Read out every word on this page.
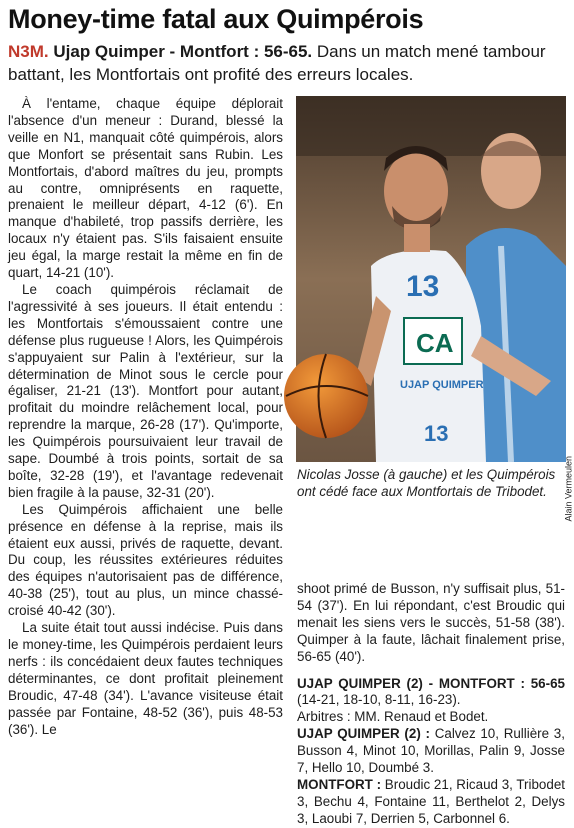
Money-time fatal aux Quimpérois
N3M. Ujap Quimper - Montfort : 56-65. Dans un match mené tambour battant, les Montfortais ont profité des erreurs locales.

À l'entame, chaque équipe déplorait l'absence d'un meneur : Durand, blessé la veille en N1, manquait côté quimpérois, alors que Monfort se présentait sans Rubin. Les Montfortais, d'abord maîtres du jeu, prompts au contre, omniprésents en raquette, prenaient le meilleur départ, 4-12 (6'). En manque d'habileté, trop passifs derrière, les locaux n'y étaient pas. S'ils faisaient ensuite jeu égal, la marge restait la même en fin de quart, 14-21 (10').

Le coach quimpérois réclamait de l'agressivité à ses joueurs. Il était entendu : les Montfortais s'émoussaient contre une défense plus rugueuse ! Alors, les Quimpérois s'appuyaient sur Palin à l'extérieur, sur la détermination de Minot sous le cercle pour égaliser, 21-21 (13'). Montfort pour autant, profitait du moindre relâchement local, pour reprendre la marque, 26-28 (17'). Qu'importe, les Quimpérois poursuivaient leur travail de sape. Doumbé à trois points, sortait de sa boîte, 32-28 (19'), et l'avantage redevenait bien fragile à la pause, 32-31 (20').

Les Quimpérois affichaient une belle présence en défense à la reprise, mais ils étaient eux aussi, privés de raquette, devant. Du coup, les réussites extérieures réduites des équipes n'autorisaient pas de différence, 40-38 (25'), tout au plus, un mince chassé-croisé 40-42 (30').

La suite était tout aussi indécise. Puis dans le money-time, les Quimpérois perdaient leurs nerfs : ils concédaient deux fautes techniques déterminantes, ce dont profitait pleinement Broudic, 47-48 (34'). L'avance visiteuse était passée par Fontaine, 48-52 (36'), puis 48-53 (36'). Le

13
CA
UJAP QUIMPER
13
Alain Vermeulen
Nicolas Josse (à gauche) et les Quimpérois ont cédé face aux Montfortais de Tribodet.

shoot primé de Busson, n'y suffisait plus, 51-54 (37'). En lui répondant, c'est Broudic qui menait les siens vers le succès, 51-58 (38'). Quimper à la faute, lâchait finalement prise, 56-65 (40').

UJAP QUIMPER (2) - MONTFORT : 56-65 (14-21, 18-10, 8-11, 16-23).

Arbitres : MM. Renaud et Bodet.

UJAP QUIMPER (2) : Calvez 10, Rullière 3, Busson 4, Minot 10, Morillas, Palin 9, Josse 7, Hello 10, Doumbé 3.

MONTFORT : Broudic 21, Ricaud 3, Tribodet 3, Bechu 4, Fontaine 11, Berthelot 2, Delys 3, Laoubi 7, Derrien 5, Carbonnel 6.
